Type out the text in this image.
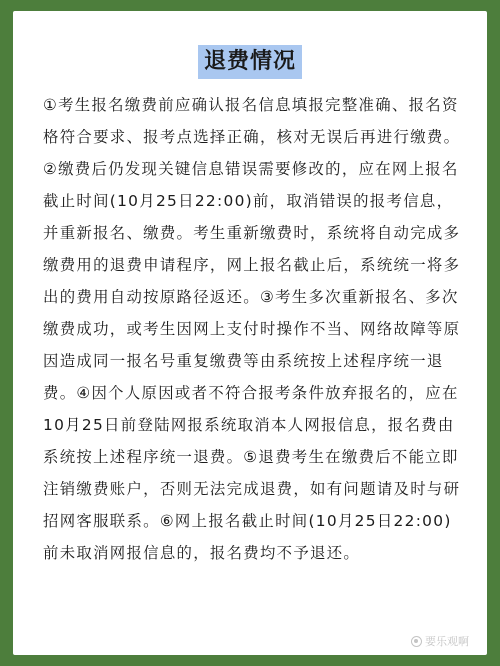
退费情况
①考生报名缴费前应确认报名信息填报完整准确、报名资
格符合要求、报考点选择正确，核对无误后再进行缴费。
②缴费后仍发现关键信息错误需要修改的，应在网上报名
截止时间(10月25日22:00)前，取消错误的报考信息，
并重新报名、缴费。考生重新缴费时，系统将自动完成多
缴费用的退费申请程序，网上报名截止后，系统统一将多
出的费用自动按原路径返还。③考生多次重新报名、多次
缴费成功，或考生因网上支付时操作不当、网络故障等原
因造成同一报名号重复缴费等由系统按上述程序统一退
费。④因个人原因或者不符合报考条件放弃报名的，应在
10月25日前登陆网报系统取消本人网报信息，报名费由
系统按上述程序统一退费。⑤退费考生在缴费后不能立即
注销缴费账户，否则无法完成退费，如有问题请及时与研
招网客服联系。⑥网上报名截止时间(10月25日22:00)
前未取消网报信息的，报名费均不予退还。
要乐观啊
